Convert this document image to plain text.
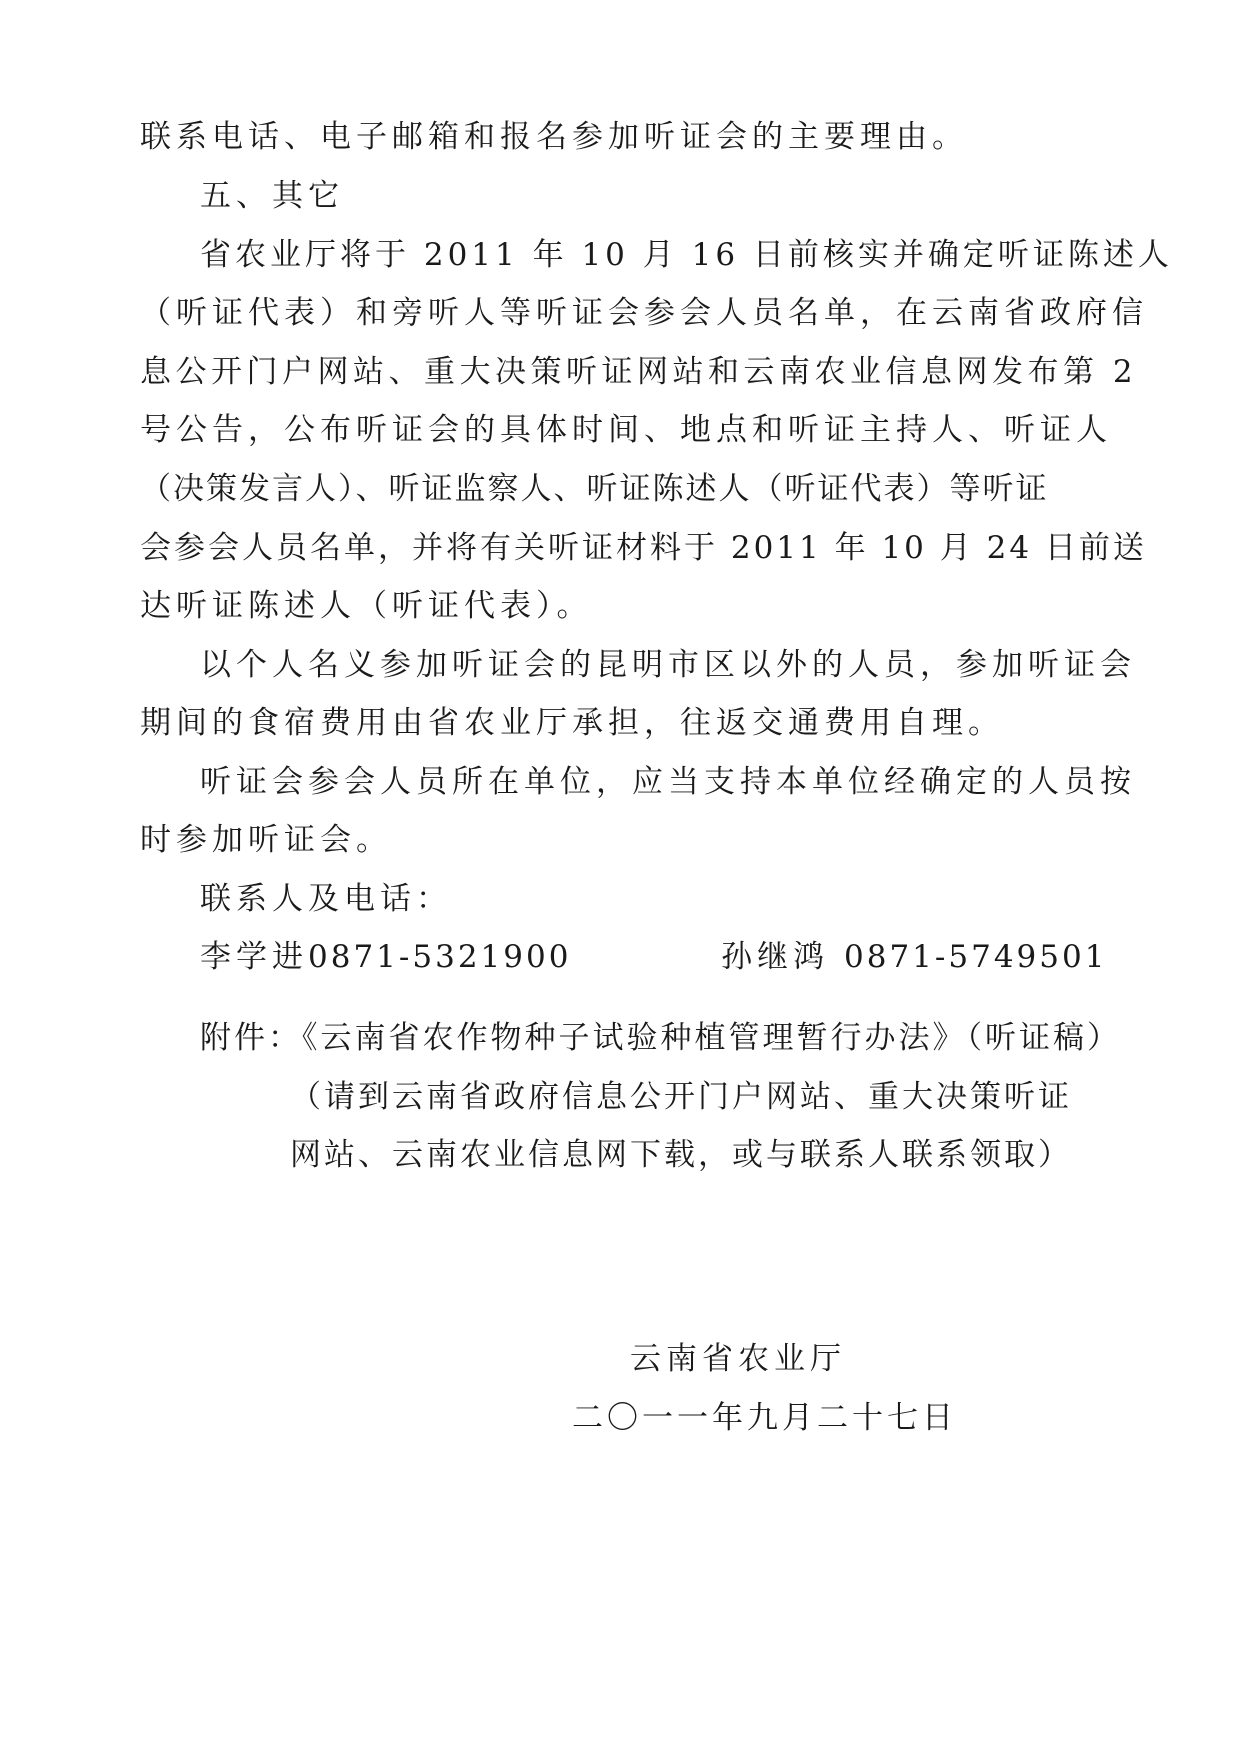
联系电话、电子邮箱和报名参加听证会的主要理由。
五、其它
省农业厅将于 2011 年 10 月 16 日前核实并确定听证陈述人
（听证代表）和旁听人等听证会参会人员名单，在云南省政府信
息公开门户网站、重大决策听证网站和云南农业信息网发布第 2
号公告，公布听证会的具体时间、地点和听证主持人、听证人
（决策发言人）、听证监察人、听证陈述人（听证代表）等听证
会参会人员名单，并将有关听证材料于 2011 年 10 月 24 日前送
达听证陈述人（听证代表）。
以个人名义参加听证会的昆明市区以外的人员，参加听证会
期间的食宿费用由省农业厅承担，往返交通费用自理。
听证会参会人员所在单位，应当支持本单位经确定的人员按
时参加听证会。
联系人及电话：
李学进0871-5321900	孙继鸿 0871-5749501
附件：《云南省农作物种子试验种植管理暂行办法》（听证稿）
（请到云南省政府信息公开门户网站、重大决策听证
网站、云南农业信息网下载，或与联系人联系领取）
云南省农业厅
二〇一一年九月二十七日
